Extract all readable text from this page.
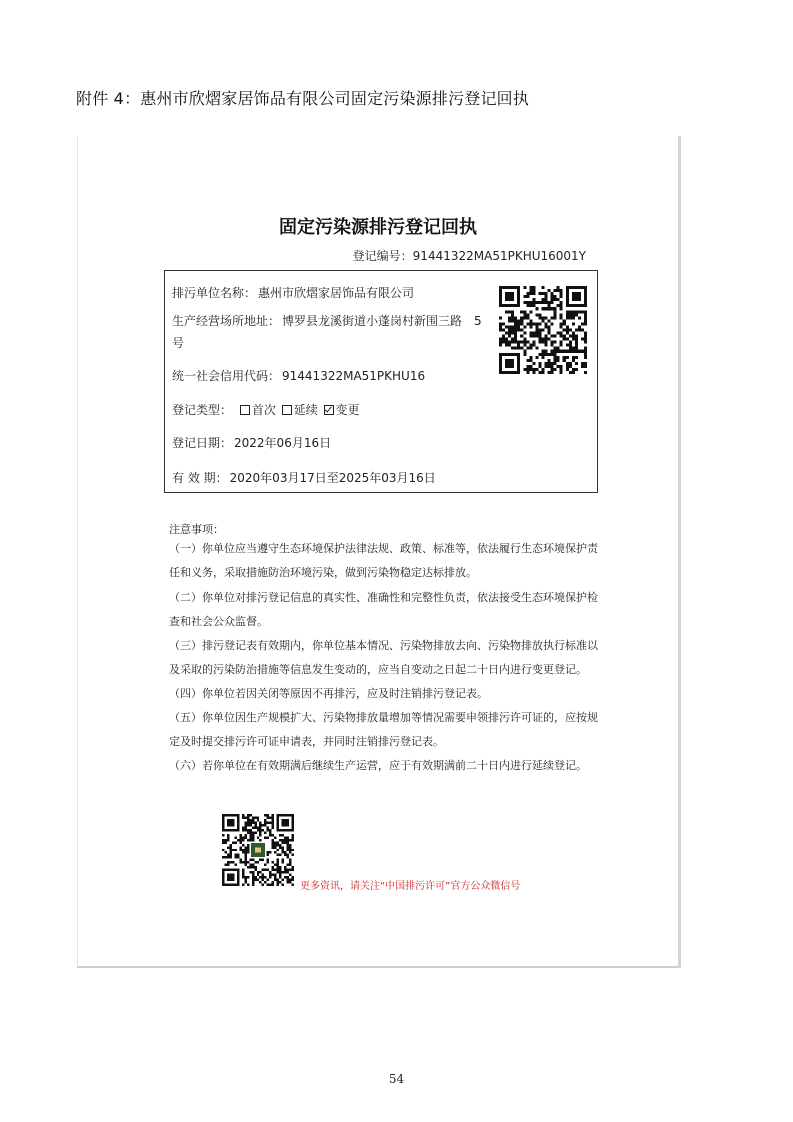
附件 4：惠州市欣熠家居饰品有限公司固定污染源排污登记回执
固定污染源排污登记回执
登记编号：91441322MA51PKHU16001Y
排污单位名称： 惠州市欣熠家居饰品有限公司
生产经营场所地址： 博罗县龙溪街道小蓬岗村新围三路　5
号
统一社会信用代码： 91441322MA51PKHU16
登记类型： 首次 延续 变更
登记日期： 2022年06月16日
有 效 期： 2020年03月17日至2025年03月16日
注意事项：
（一）你单位应当遵守生态环境保护法律法规、政策、标准等，依法履行生态环境保护责
任和义务，采取措施防治环境污染，做到污染物稳定达标排放。
（二）你单位对排污登记信息的真实性、准确性和完整性负责，依法接受生态环境保护检
查和社会公众监督。
（三）排污登记表有效期内，你单位基本情况、污染物排放去向、污染物排放执行标准以
及采取的污染防治措施等信息发生变动的，应当自变动之日起二十日内进行变更登记。
（四）你单位若因关闭等原因不再排污，应及时注销排污登记表。
（五）你单位因生产规模扩大、污染物排放量增加等情况需要申领排污许可证的，应按规
定及时提交排污许可证申请表，并同时注销排污登记表。
（六）若你单位在有效期满后继续生产运营，应于有效期满前二十日内进行延续登记。
更多资讯，请关注“中国排污许可”官方公众微信号
54
